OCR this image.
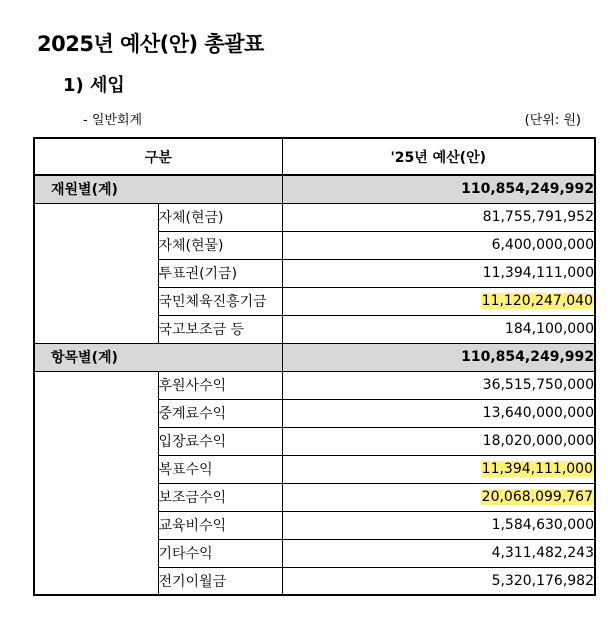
2025년 예산(안) 총괄표
1) 세입
- 일반회계	(단위: 원)
구분		'25년 예산(안)
재원별(계)		110,854,249,992
	자체(현금)	81,755,791,952
	자체(현물)	6,400,000,000
	투표권(기금)	11,394,111,000
	국민체육진흥기금	11,120,247,040
	국고보조금 등	184,100,000
항목별(계)		110,854,249,992
	후원사수익	36,515,750,000
	중계료수익	13,640,000,000
	입장료수익	18,020,000,000
	복표수익	11,394,111,000
	보조금수익	20,068,099,767
	교육비수익	1,584,630,000
	기타수익	4,311,482,243
	전기이월금	5,320,176,982
